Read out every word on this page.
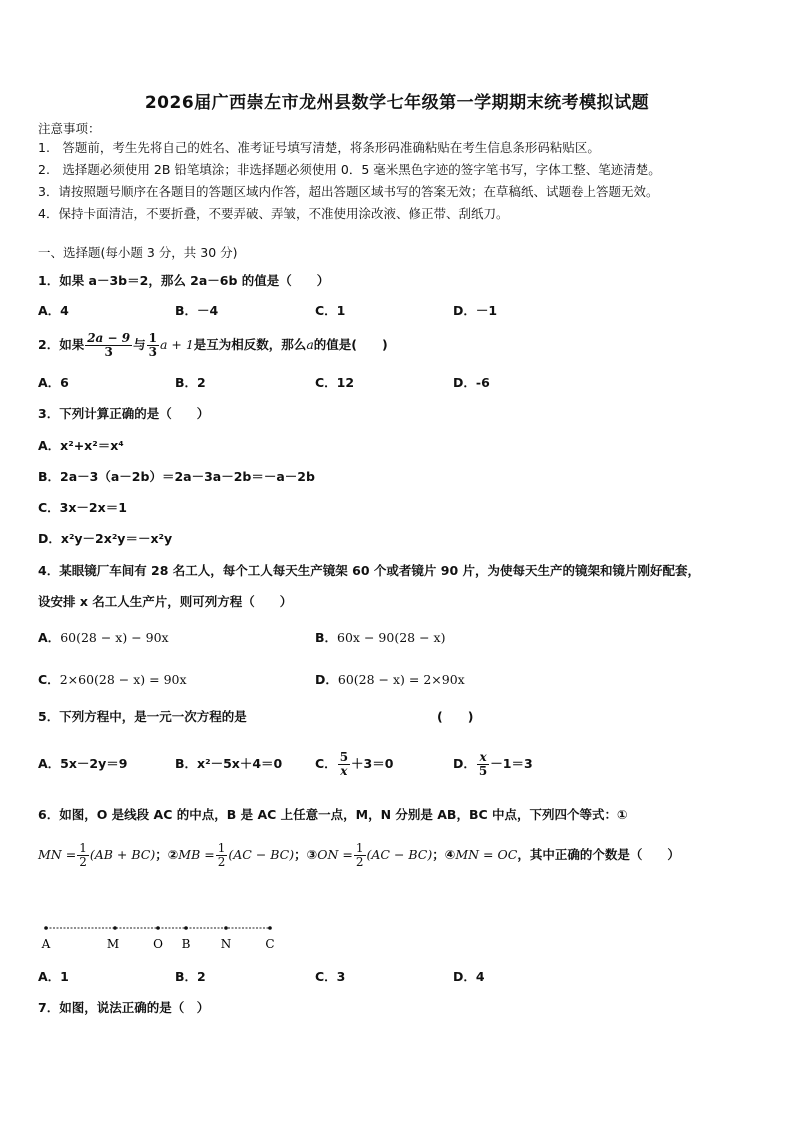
2026届广西崇左市龙州县数学七年级第一学期期末统考模拟试题
注意事项：
1.　答题前，考生先将自己的姓名、准考证号填写清楚，将条形码准确粘贴在考生信息条形码粘贴区。
2.　选择题必须使用 2B 铅笔填涂；非选择题必须使用 0．5 毫米黑色字迹的签字笔书写，字体工整、笔迹清楚。
3．请按照题号顺序在各题目的答题区域内作答，超出答题区域书写的答案无效；在草稿纸、试题卷上答题无效。
4．保持卡面清洁，不要折叠，不要弄破、弄皱，不准使用涂改液、修正带、刮纸刀。
一、选择题(每小题 3 分，共 30 分)
1．如果 a－3b＝2，那么 2a－6b 的值是（　　）
A．4	B．－4	C．1	D．－1
2．如果 $\frac{2a - 9}{3}$ 与 $\frac{1}{3}$ a + 1是互为相反数，那么a的值是(　　)
A．6	B．2	C．12	D．-6
3．下列计算正确的是（　　）
A．x²+x²＝x⁴
B．2a－3（a－2b）＝2a－3a－2b＝－a－2b
C．3x－2x＝1
D．x²y－2x²y＝－x²y
4．某眼镜厂车间有 28 名工人，每个工人每天生产镜架 60 个或者镜片 90 片，为使每天生产的镜架和镜片刚好配套，
设安排 x 名工人生产片，则可列方程（　　）
A．60(28 − x) − 90x	B．60x − 90(28 − x)
C．2×60(28 − x) = 90x	D．60(28 − x) = 2×90x
5．下列方程中，是一元一次方程的是	(　　)
A．5x－2y＝9	B．x²－5x＋4＝0	C． $\frac{5}{x} +3=0$	D． $\frac{x}{5} -1=3$
6．如图，O 是线段 AC 的中点，B 是 AC 上任意一点，M，N 分别是 AB，BC 中点，下列四个等式：①
MN = $\frac{1}{2} (AB + BC)$；②MB = $\frac{1}{2} (AC - BC)$；③ON = $\frac{1}{2} (AC - BC)$；④MN = OC，其中正确的个数是（　　）
A	M	O B	N	C
A．1	B．2	C．3	D．4
7．如图，说法正确的是（　）
